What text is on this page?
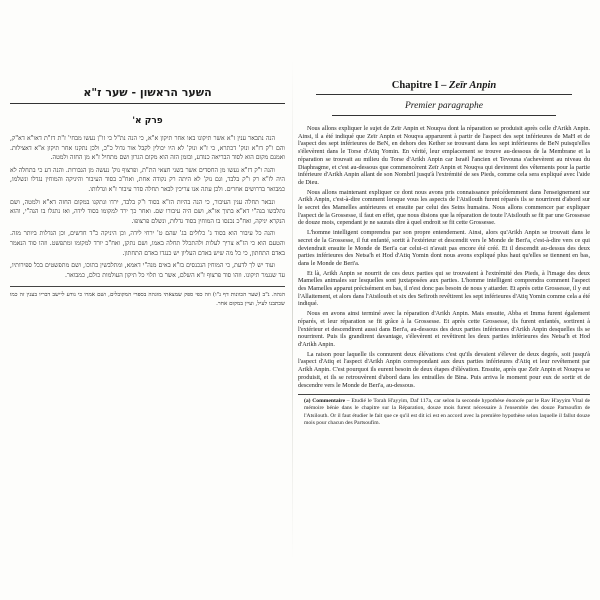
השער הראשון - שער ז"א
פרק א'

הנה נתבאר ענין ז"א אשר תיקונו באו אחר תיקון א"א, כי הנה נת"ל כי זו"ן נעשו מבחי' ז"ת דז"ת דאו"א דא"ק, והם ו"ק דז"א ונוק' דכתרא, כי ז"א ונוק' לא היו יכולין לקבל אור גדול כ"כ, ולכן נתקנו אחר תיקון א"א דאצילות. ואמנם מקום הוא לסוד הבריאה כנודע, ובזמן הזה הוא מקום הגרון ושם מתחיל ז"א מן החזה ולמטה.

והנה ו"ק דז"א נעשו מן החסדים אשר בשני חצאי הת"ת, ופרצוף נוק' נעשה מן הגבורות. והנה דע כי בתחלה לא היה לז"א רק ו"ק בלבד, וגם נוק' לא היתה רק נקודה אחת, ואח"כ בסוד העיבור והיניקה והמוחין נגדלו ונשלמו, כמבואר בדרושים אחרים. ולכן עתה אנו צריכין לבאר תחלה סדר עיבור ז"א וגדלותו.

ונבאר תחלה ענין העיבור, כי הנה בהיות הז"א בסוד ו"ק בלבד, ירדו ונתקנו במקום החזה דא"א ולמטה, ושם נתלבשו בנה"י דא"א בתוך או"א, ושם היה עיבורו שם. ואחר כך ירד למקומו בסוד לידה, ואז נתגלו בו הנה"י, והוא הנקרא יניקה, ואח"כ נכנסו בו המוחין בסוד גדלות, ונשלם פרצופו.

והנה כל עיבור הוא בסוד ג' כלולים בג' שהם ט' ירחי לידה, וכן היניקה כ"ד חדשים, וכן הגדלות ביותר מזה. והטעם הוא כי הז"א צריך לעלות ולהתכלל תחלה באמו, ושם נתקן, ואח"כ יורד למקומו ומתפשט. וזהו סוד הנאמר באדם התחתון, כי כל מה שיש באדם העליון יש כנגדו באדם התחתון.

ועוד יש לך לדעת, כי המוחין הנכנסים בז"א באים מנה"י דאמא, ומתלבשין בתוכו, ושם מתפשטים בכל ספירותיו, עד שנגמר תיקונו. וזהו סוד פרצוף ז"א השלם, אשר בו תלוי כל תיקון העולמות כולם, כמבואר.

הגהה. נ"ב (שער הכוונות דף נ"ו) וזה כפי ספק שמצאתי מוגהה בספרי המקובלים, ושם אמרו כי נודע ליישב דבריו בענין זה כמו שכתבנו לעיל, ועיין במקום אחר.

Chapitre I – Zeïr Anpin
Premier paragraphe

Nous allons expliquer le sujet de Zeïr Anpin et Nouqva dont la réparation se produisit après celle d'Arikh Anpin. Ainsi, il a été indiqué que Zeïr Anpin et Nouqva apparurent à partir de l'aspect des sept inférieures de MaH et de l'aspect des sept inférieures de BeN, en dehors des Kether se trouvant dans les sept inférieures de BeN puisqu'elles s'élevèrent dans le Torse d'Atiq Yomin. En vérité, leur emplacement se trouve au-dessous de la Membrane et la réparation se trouvait au milieu du Torse d'Arikh Anpin car Israël l'ancien et Tevouna s'achevèrent au niveau du Diaphragme, et c'est au-dessous que commencèrent Zeïr Anpin et Nouqva qui devinrent des vêtements pour la partie inférieure d'Arikh Anpin allant de son Nombril jusqu'à l'extrémité de ses Pieds, comme cela sera expliqué avec l'aide de Dieu.

Nous allons maintenant expliquer ce dont nous avons pris connaissance précédemment dans l'enseignement sur Arikh Anpin, c'est-à-dire comment lorsque vous les aspects de l'Atsilouth furent réparés ils se nourrirent d'abord sur le secret des Mamelles antérieures et ensuite par celui des Seins humains. Nous allons commencer par expliquer l'aspect de la Grossesse, il faut en effet, que nous disions que la réparation de toute l'Atsilouth se fit par une Grossesse de douze mois, cependant je ne saurais dire à quel endroit se fit cette Grossesse.

L'homme intelligent comprendra par son propre entendement. Ainsi, alors qu'Arikh Anpin se trouvait dans le secret de la Grossesse, il fut enfanté, sortit à l'extérieur et descendit vers le Monde de Beri'a, c'est-à-dire vers ce qui deviendrait ensuite le Monde de Beri'a car celui-ci n'avait pas encore été créé. Et il descendit au-dessus des deux parties inférieures des Netsa'h et Hod d'Atiq Yomin dont nous avons expliqué plus haut qu'elles se tiennent en bas, dans le Monde de Beri'a.

Et là, Arikh Anpin se nourrit de ces deux parties qui se trouvaient à l'extrémité des Pieds, à l'image des deux Mamelles animales sur lesquelles sont juxtaposées aux parties. L'homme intelligent comprendra comment l'aspect des Mamelles apparut précisément en bas, il n'est donc pas besoin de nous y attarder. Et après cette Grossesse, il y eut l'Allaitement, et alors dans l'Atsilouth et six des Sefiroth revêtirent les sept inférieures d'Atiq Yomin comme cela a été indiqué.

Nous en avons ainsi terminé avec la réparation d'Arikh Anpin. Mais ensuite, Abba et Imma furent également réparés, et leur réparation se fit grâce à la Grossesse. Et après cette Grossesse, ils furent enfantés, sortirent à l'extérieur et descendirent aussi dans Beri'a, au-dessous des deux parties inférieures d'Arikh Anpin desquelles ils se nourrirent. Puis ils grandirent davantage, s'élevèrent et revêtirent les deux parties inférieures des Netsa'h et Hod d'Arikh Anpin.

La raison pour laquelle ils connurent deux élévations c'est qu'ils devaient s'élever de deux degrés, soit jusqu'à l'aspect d'Atiq et l'aspect d'Arikh Anpin correspondant aux deux parties inférieures d'Atiq et leur revêtement par Arikh Anpin. C'est pourquoi ils eurent besoin de deux étapes d'élévation. Ensuite, après que Zeïr Anpin et Nouqva se produisit, et ils se retrouvèrent d'abord dans les entrailles de Bina. Puis arriva le moment pour eux de sortir et de descendre vers le Monde de Beri'a, au-dessous.

(a) Commentaire – Etudié le Torah H'ayyim, Daf 117a, car selon la seconde hypothèse énoncée par le Rav H'ayyim Vital de mémoire bénie dans le chapitre sur la Réparation, douze mois furent nécessaire à l'ensemble des douze Partsoufim de l'Atsilouth. Or il faut étudier le fait que ce qu'il est dit ici est en accord avec la première hypothèse selon laquelle il fallut douze mois pour chacun des Partsoufim.
